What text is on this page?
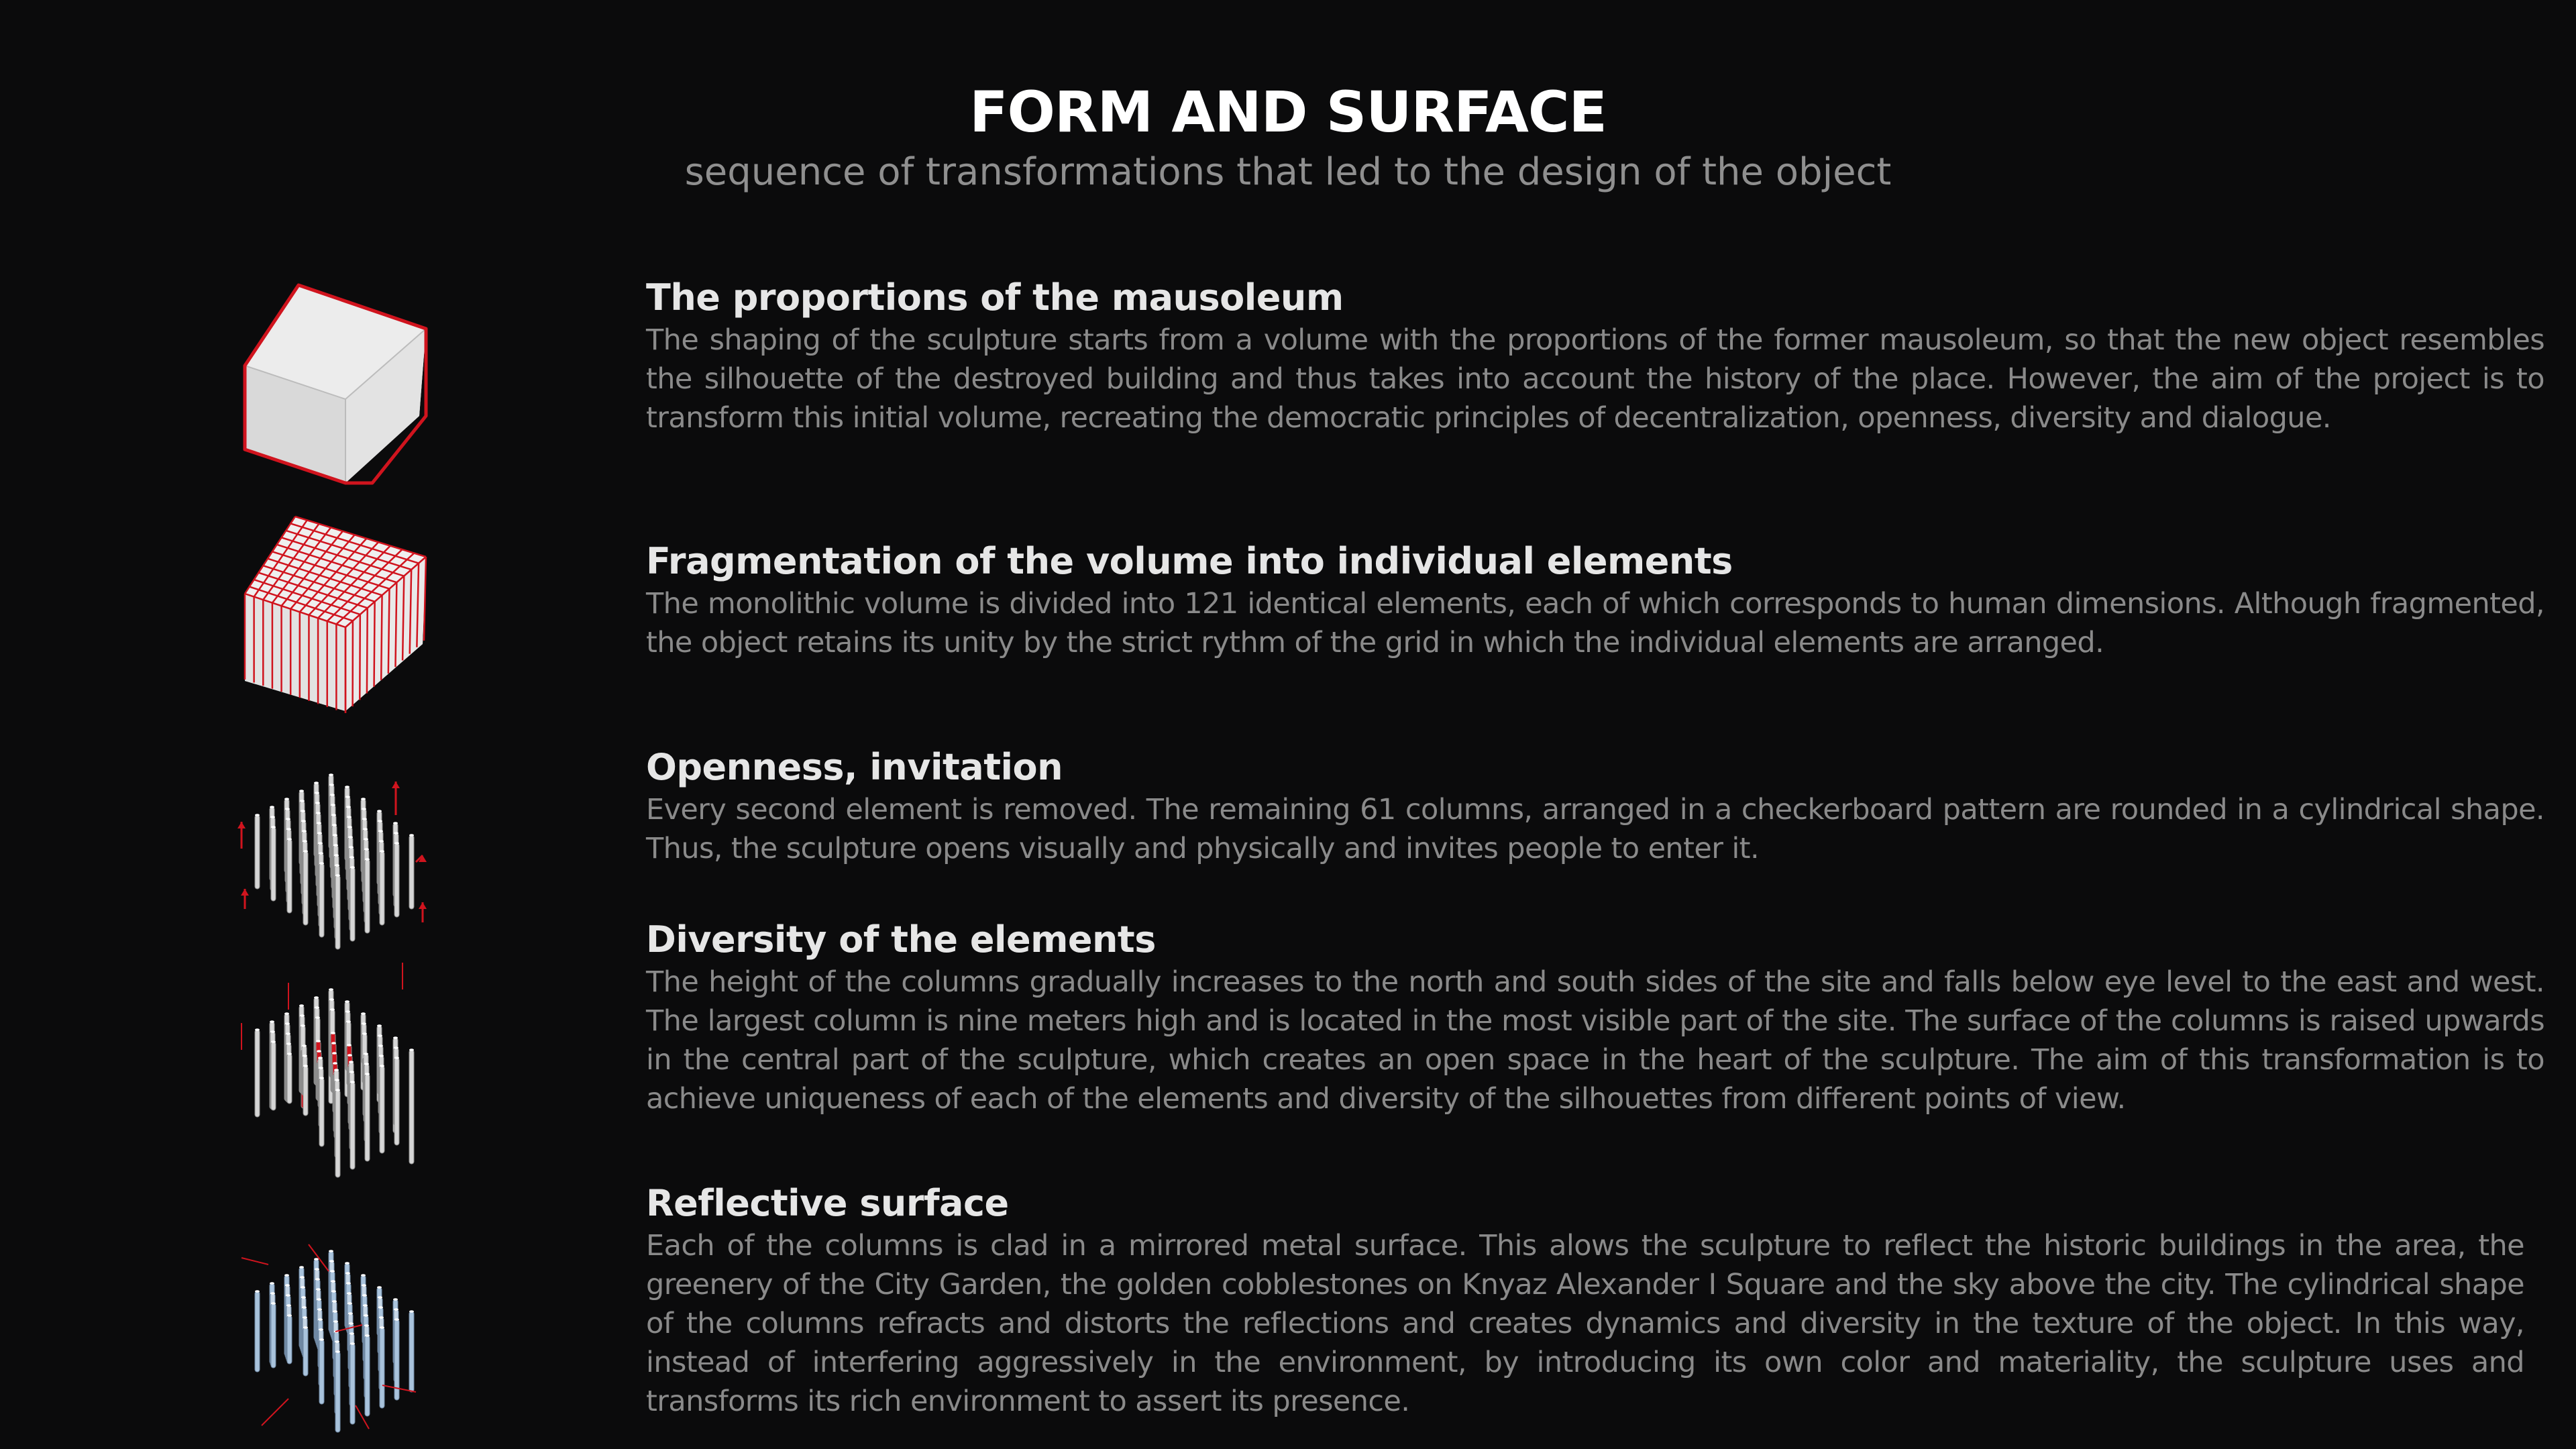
FORM AND SURFACE

sequence of transformations that led to the design of the object

The proportions of the mausoleum

The shaping of the sculpture starts from a volume with the proportions of the former mausoleum, so that the new object resembles the silhouette of the destroyed building and thus takes into account the history of the place. However, the aim of the project is to transform this initial volume, recreating the democratic principles of decentralization, openness, diversity and dialogue.

Fragmentation of the volume into individual elements

The monolithic volume is divided into 121 identical elements, each of which corresponds to human dimensions. Although fragmented, the object retains its unity by the strict rythm of the grid in which the individual elements are arranged.

Openness, invitation

Every second element is removed. The remaining 61 columns, arranged in a checkerboard pattern are rounded in a cylindrical shape. Thus, the sculpture opens visually and physically and invites people to enter it.

Diversity of the elements

The height of the columns gradually increases to the north and south sides of the site and falls below eye level to the east and west. The largest column is nine meters high and is located in the most visible part of the site. The surface of the columns is raised upwards in the central part of the sculpture, which creates an open space in the heart of the sculpture. The aim of this transformation is to achieve uniqueness of each of the elements and diversity of the silhouettes from different points of view.

Reflective surface

Each of the columns is clad in a mirrored metal surface. This alows the sculpture to reflect the historic buildings in the area, the greenery of the City Garden, the golden cobblestones on Knyaz Alexander I Square and the sky above the city. The cylindrical shape of the columns refracts and distorts the reflections and creates dynamics and diversity in the texture of the object. In this way, instead of interfering aggressively in the environment, by introducing its own color and materiality, the sculpture uses and transforms its rich environment to assert its presence.
